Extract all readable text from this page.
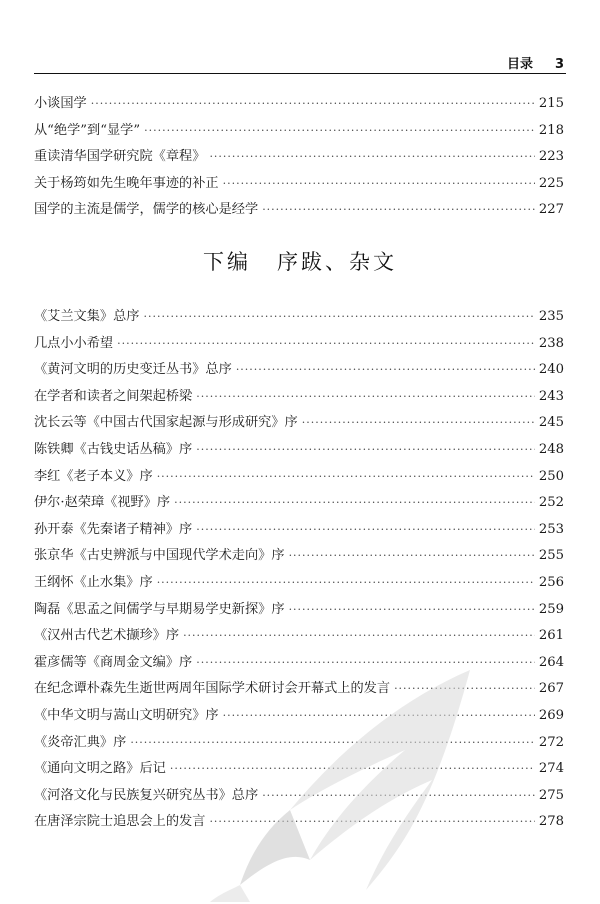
目录 3
小谈国学 ·····	215
从“绝学”到“显学” ·····	218
重读清华国学研究院《章程》 ·····	223
关于杨筠如先生晚年事迹的补正 ·····	225
国学的主流是儒学，儒学的核心是经学 ·····	227
下编 序跋、杂文
《艾兰文集》总序 ·····	235
几点小小希望 ·····	238
《黄河文明的历史变迁丛书》总序 ·····	240
在学者和读者之间架起桥梁 ·····	243
沈长云等《中国古代国家起源与形成研究》序 ·····	245
陈铁卿《古钱史话丛稿》序 ·····	248
李红《老子本义》序 ·····	250
伊尔·赵荣璋《视野》序 ·····	252
孙开泰《先秦诸子精神》序 ·····	253
张京华《古史辨派与中国现代学术走向》序 ·····	255
王纲怀《止水集》序 ·····	256
陶磊《思孟之间儒学与早期易学史新探》序 ·····	259
《汉州古代艺术撷珍》序 ·····	261
霍彦儒等《商周金文编》序 ·····	264
在纪念谭朴森先生逝世两周年国际学术研讨会开幕式上的发言 ·····	267
《中华文明与嵩山文明研究》序 ·····	269
《炎帝汇典》序 ·····	272
《通向文明之路》后记 ·····	274
《河洛文化与民族复兴研究丛书》总序 ·····	275
在唐泽宗院士追思会上的发言 ·····	278
